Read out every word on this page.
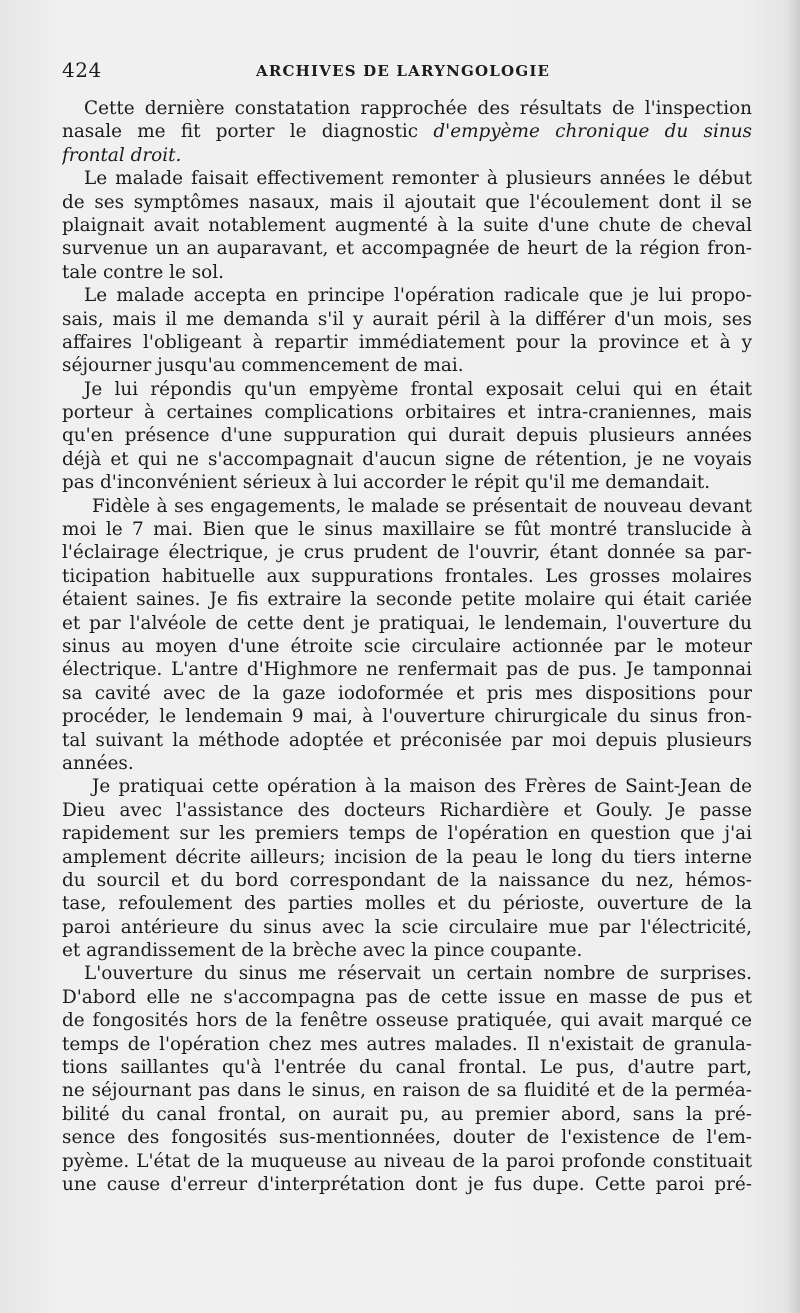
424	ARCHIVES DE LARYNGOLOGIE
Cette dernière constatation rapprochée des résultats de l'inspection
nasale me fit porter le diagnostic d'empyème chronique du sinus
frontal droit.
Le malade faisait effectivement remonter à plusieurs années le début
de ses symptômes nasaux, mais il ajoutait que l'écoulement dont il se
plaignait avait notablement augmenté à la suite d'une chute de cheval
survenue un an auparavant, et accompagnée de heurt de la région fron-
tale contre le sol.
Le malade accepta en principe l'opération radicale que je lui propo-
sais, mais il me demanda s'il y aurait péril à la différer d'un mois, ses
affaires l'obligeant à repartir immédiatement pour la province et à y
séjourner jusqu'au commencement de mai.
Je lui répondis qu'un empyème frontal exposait celui qui en était
porteur à certaines complications orbitaires et intra-craniennes, mais
qu'en présence d'une suppuration qui durait depuis plusieurs années
déjà et qui ne s'accompagnait d'aucun signe de rétention, je ne voyais
pas d'inconvénient sérieux à lui accorder le répit qu'il me demandait.
Fidèle à ses engagements, le malade se présentait de nouveau devant
moi le 7 mai. Bien que le sinus maxillaire se fût montré translucide à
l'éclairage électrique, je crus prudent de l'ouvrir, étant donnée sa par-
ticipation habituelle aux suppurations frontales. Les grosses molaires
étaient saines. Je fis extraire la seconde petite molaire qui était cariée
et par l'alvéole de cette dent je pratiquai, le lendemain, l'ouverture du
sinus au moyen d'une étroite scie circulaire actionnée par le moteur
électrique. L'antre d'Highmore ne renfermait pas de pus. Je tamponnai
sa cavité avec de la gaze iodoformée et pris mes dispositions pour
procéder, le lendemain 9 mai, à l'ouverture chirurgicale du sinus fron-
tal suivant la méthode adoptée et préconisée par moi depuis plusieurs
années.
Je pratiquai cette opération à la maison des Frères de Saint-Jean de
Dieu avec l'assistance des docteurs Richardière et Gouly. Je passe
rapidement sur les premiers temps de l'opération en question que j'ai
amplement décrite ailleurs; incision de la peau le long du tiers interne
du sourcil et du bord correspondant de la naissance du nez, hémos-
tase, refoulement des parties molles et du périoste, ouverture de la
paroi antérieure du sinus avec la scie circulaire mue par l'électricité,
et agrandissement de la brèche avec la pince coupante.
L'ouverture du sinus me réservait un certain nombre de surprises.
D'abord elle ne s'accompagna pas de cette issue en masse de pus et
de fongosités hors de la fenêtre osseuse pratiquée, qui avait marqué ce
temps de l'opération chez mes autres malades. Il n'existait de granula-
tions saillantes qu'à l'entrée du canal frontal. Le pus, d'autre part,
ne séjournant pas dans le sinus, en raison de sa fluidité et de la perméa-
bilité du canal frontal, on aurait pu, au premier abord, sans la pré-
sence des fongosités sus-mentionnées, douter de l'existence de l'em-
pyème. L'état de la muqueuse au niveau de la paroi profonde constituait
une cause d'erreur d'interprétation dont je fus dupe. Cette paroi pré-
